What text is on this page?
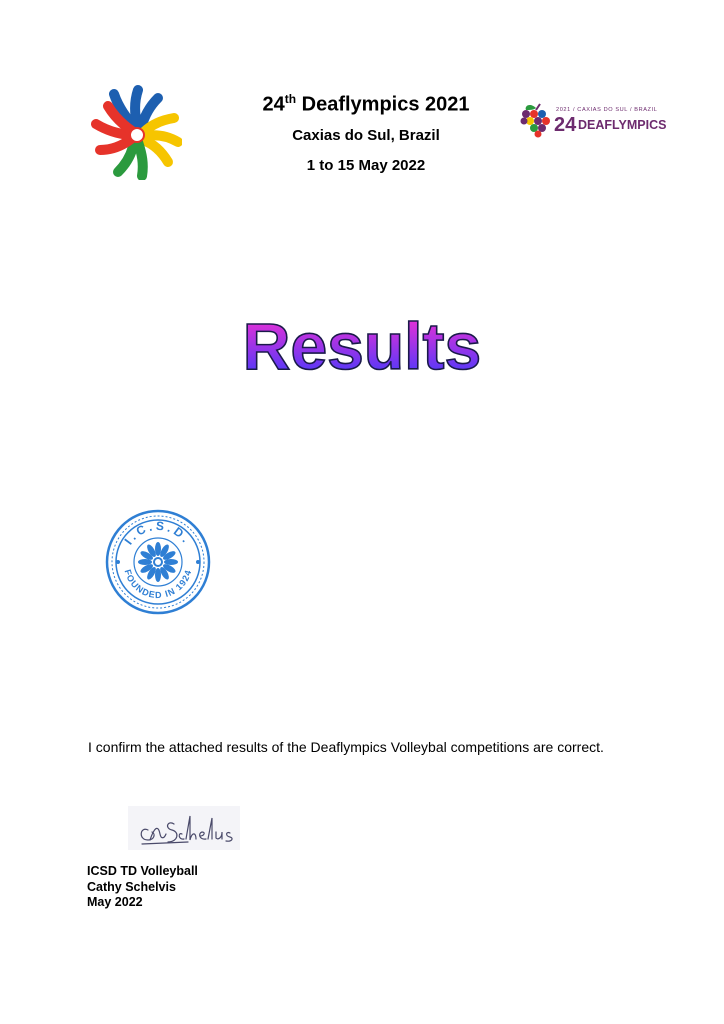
24th Deaflympics 2021
Caxias do Sul, Brazil
1 to 15 May 2022
2021 / CAXIAS DO SUL / BRAZIL
24 DEAFLYMPICS
Results
I.C.S.D.
FOUNDED IN 1924
I confirm the attached results of the Deaflympics Volleybal competitions are correct.
ICSD TD Volleyball
Cathy Schelvis
May 2022
